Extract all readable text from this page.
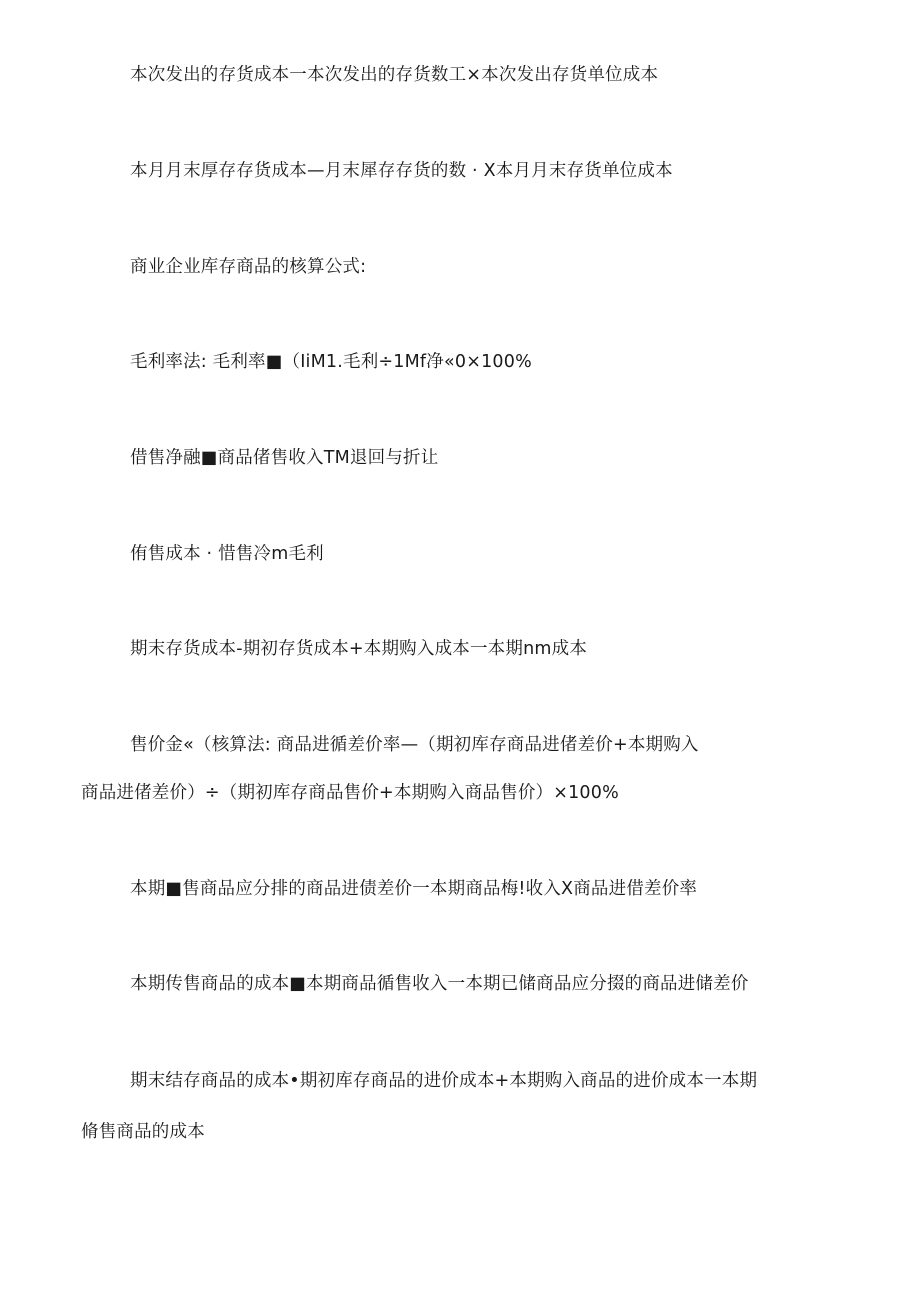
本次发出的存货成本一本次发出的存货数工×本次发出存货单位成本

本月月末厚存存货成本—月末犀存存货的数 · X本月月末存货单位成本

商业企业库存商品的核算公式:

毛利率法: 毛利率■（IiM1.毛利÷1Mf净«0×100%

借售净融■商品偖售收入TM退回与折让

侑售成本 · 惜售冷m毛利

期末存货成本-期初存货成本+本期购入成本一本期nm成本

售价金«（核算法: 商品进循差价率—（期初库存商品进偖差价+本期购入

商品进偖差价）÷（期初库存商品售价+本期购入商品售价）×100%

本期■售商品应分排的商品进债差价一本期商品梅!收入X商品进借差价率

本期传售商品的成本■本期商品循售收入一本期已储商品应分掇的商品进储差价

期末结存商品的成本•期初库存商品的进价成本+本期购入商品的进价成本一本期

脩售商品的成本
